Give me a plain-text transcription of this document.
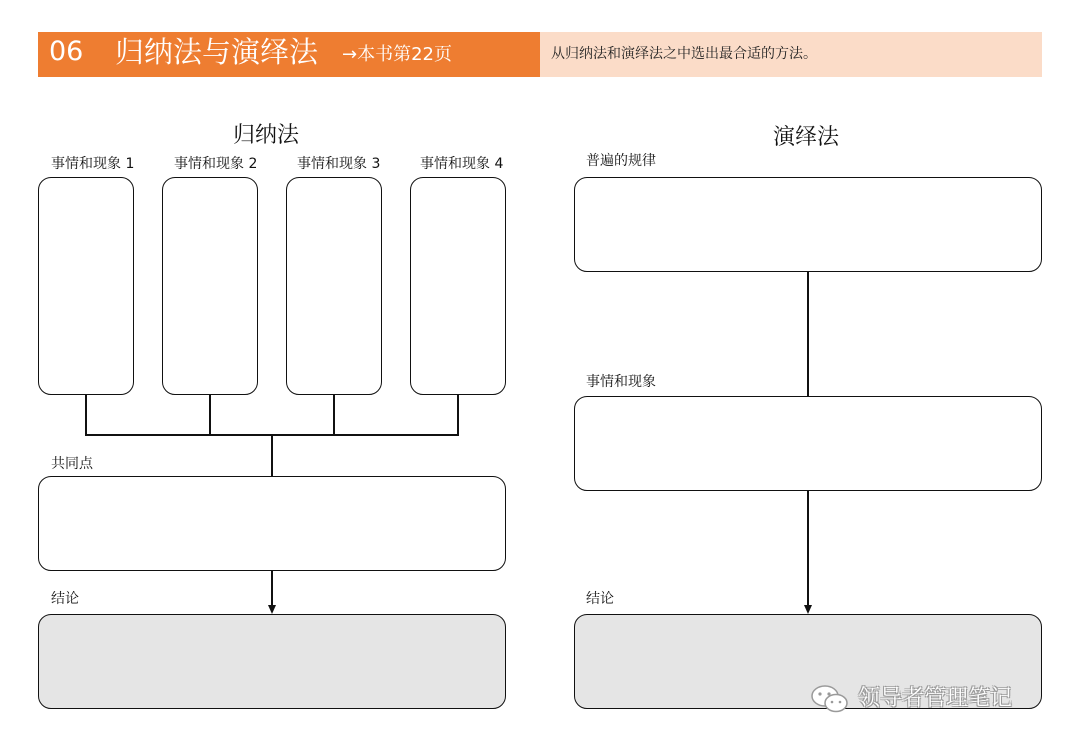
06 归纳法与演绎法 →本书第22页	从归纳法和演绎法之中选出最合适的方法。
归纳法
事情和现象 1	事情和现象 2	事情和现象 3	事情和现象 4
共同点
结论
演绎法
普遍的规律
事情和现象
结论
领导者管理笔记
